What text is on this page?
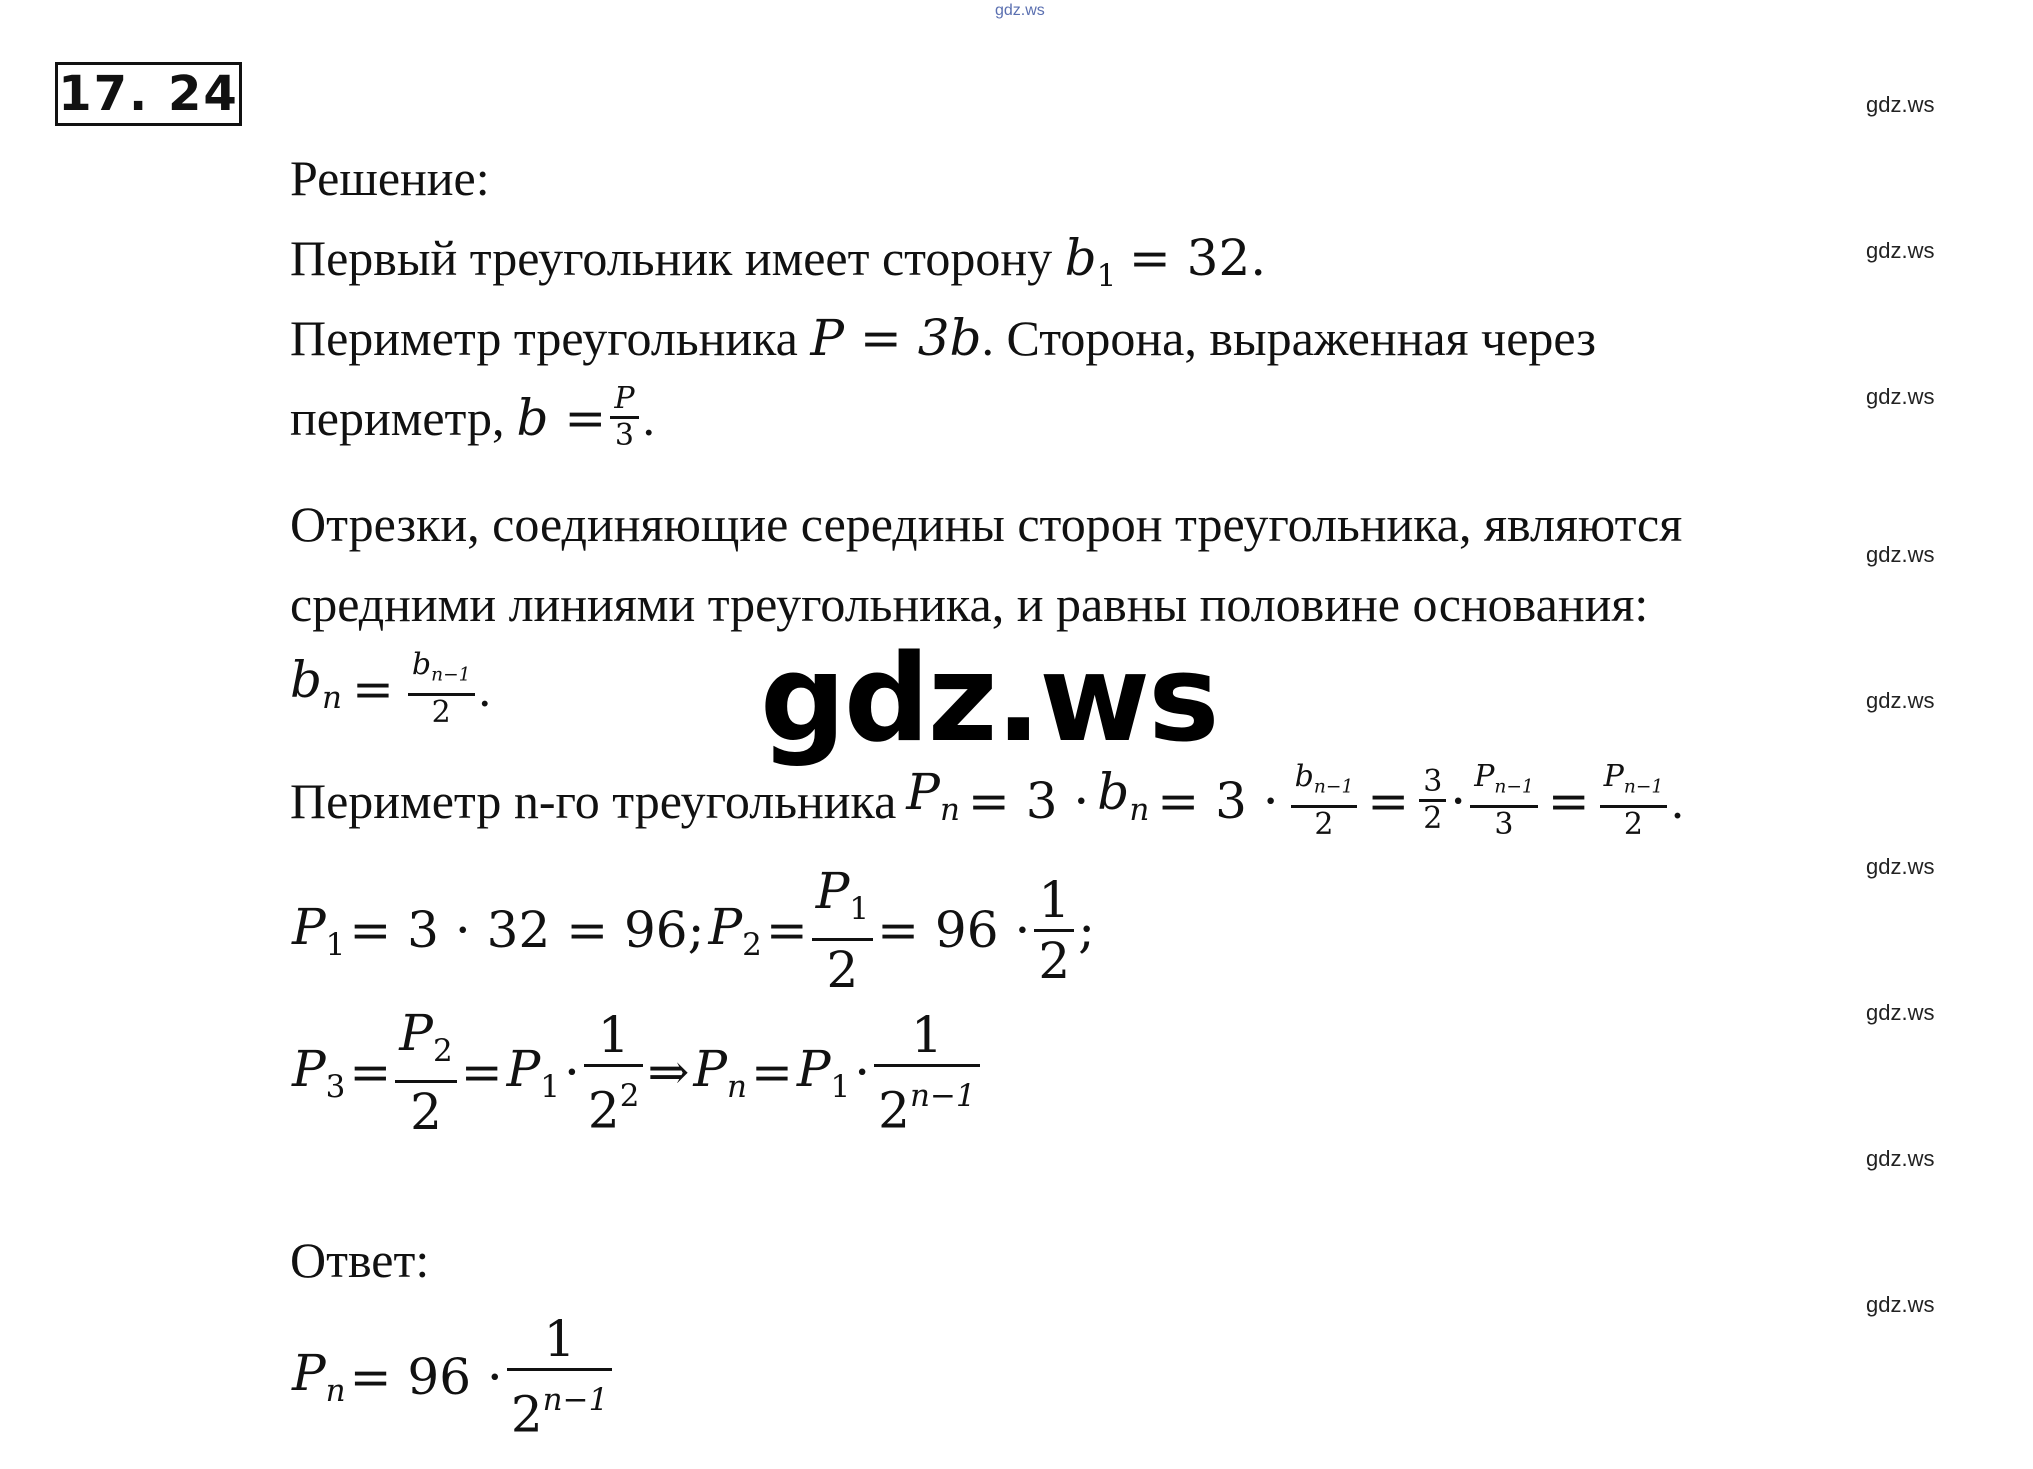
17. 24
gdz.ws
gdz.ws
gdz.ws
gdz.ws
gdz.ws
gdz.ws
gdz.ws
gdz.ws
gdz.ws
gdz.ws
gdz.ws
Решение:
Первый треугольник имеет сторону $b_1 = 32$.
Периметр треугольника P = 3b. Сторона, выраженная через
периметр, $b = \frac{P}{3}$ .
Отрезки, соединяющие середины сторон треугольника, являются
средними линиями треугольника, и равны половине основания:
$b_n = \frac{b_{n-1}}{2}$ .
Периметр n-го треугольника $P_n = 3 \cdot b_n = 3 \cdot \frac{b_{n-1}}{2} = \frac{3}{2} \cdot \frac{P_{n-1}}{3} = \frac{P_{n-1}}{2}$ .
$P_1 = 3 \cdot 32 = 96$; $P_2 = \frac{P_1}{2} = 96 \cdot \frac{1}{2}$ ;
$P_3 = \frac{P_2}{2} = P_1 \cdot \frac{1}{2^2}$ ⇒ $P_n = P_1 \cdot \frac{1}{2^{n-1}}$
Ответ:
$P_n = 96 \cdot \frac{1}{2^{n-1}}$
